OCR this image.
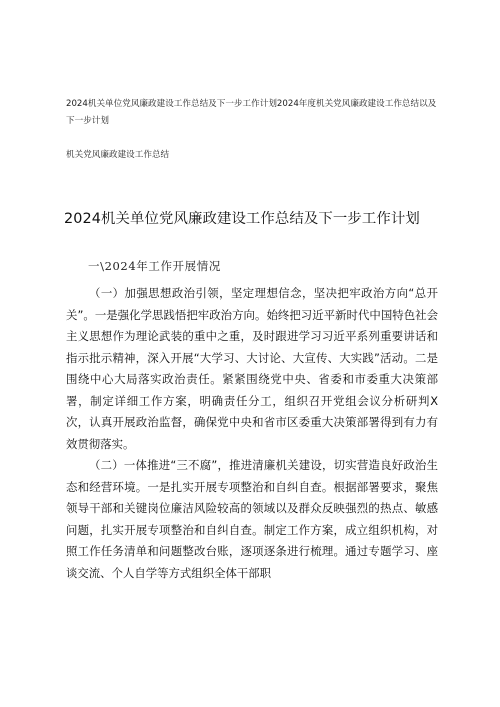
2024机关单位党风廉政建设工作总结及下一步工作计划2024年度机关党风廉政建设工作总结以及下一步计划
机关党风廉政建设工作总结
2024机关单位党风廉政建设工作总结及下一步工作计划
一\2024年工作开展情况

（一）加强思想政治引领，坚定理想信念，坚决把牢政治方向“总开关”。一是强化学思践悟把牢政治方向。始终把习近平新时代中国特色社会主义思想作为理论武装的重中之重，及时跟进学习习近平系列重要讲话和指示批示精神，深入开展“大学习、大讨论、大宣传、大实践”活动。二是围绕中心大局落实政治责任。紧紧围绕党中央、省委和市委重大决策部署，制定详细工作方案，明确责任分工，组织召开党组会议分析研判X次，认真开展政治监督，确保党中央和省市区委重大决策部署得到有力有效贯彻落实。

（二）一体推进“三不腐”，推进清廉机关建设，切实营造良好政治生态和经营环境。一是扎实开展专项整治和自纠自查。根据部署要求，聚焦领导干部和关键岗位廉洁风险较高的领域以及群众反映强烈的热点、敏感问题，扎实开展专项整治和自纠自查。制定工作方案，成立组织机构，对照工作任务清单和问题整改台账，逐项逐条进行梳理。通过专题学习、座谈交流、个人自学等方式组织全体干部职
